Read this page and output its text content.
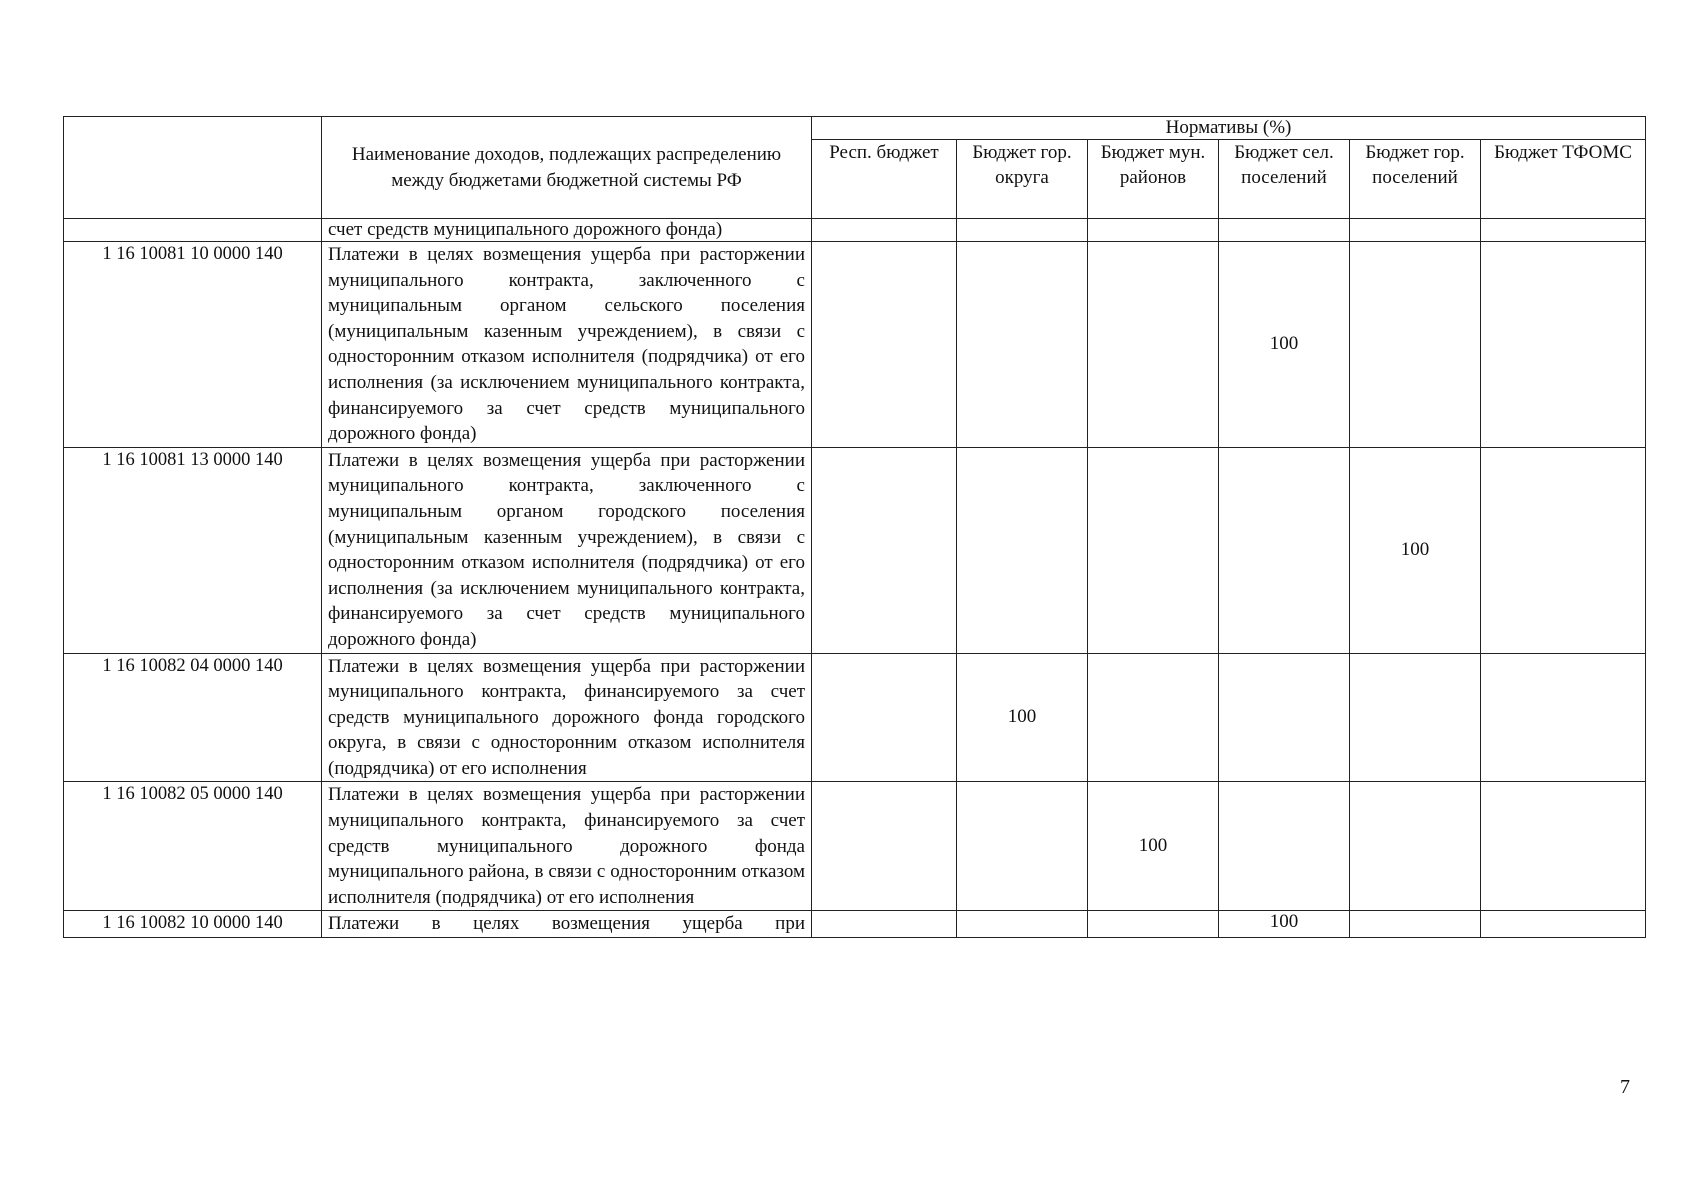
	Наименование доходов, подлежащих распределению между бюджетами бюджетной системы РФ	Нормативы (%)					
		Респ. бюджет	Бюджет гор. округа	Бюджет мун. районов	Бюджет сел. поселений	Бюджет гор. поселений	Бюджет ТФОМС
	счет средств муниципального дорожного фонда)						
1 16 10081 10 0000 140	Платежи в целях возмещения ущерба при расторжении муниципального контракта, заключенного с муниципальным органом сельского поселения (муниципальным казенным учреждением), в связи с односторонним отказом исполнителя (подрядчика) от его исполнения (за исключением муниципального контракта, финансируемого за счет средств муниципального дорожного фонда)				100		
1 16 10081 13 0000 140	Платежи в целях возмещения ущерба при расторжении муниципального контракта, заключенного с муниципальным органом городского поселения (муниципальным казенным учреждением), в связи с односторонним отказом исполнителя (подрядчика) от его исполнения (за исключением муниципального контракта, финансируемого за счет средств муниципального дорожного фонда)					100	
1 16 10082 04 0000 140	Платежи в целях возмещения ущерба при расторжении муниципального контракта, финансируемого за счет средств муниципального дорожного фонда городского округа, в связи с односторонним отказом исполнителя (подрядчика) от его исполнения		100				
1 16 10082 05 0000 140	Платежи в целях возмещения ущерба при расторжении муниципального контракта, финансируемого за счет средств муниципального дорожного фонда муниципального района, в связи с односторонним отказом исполнителя (подрядчика) от его исполнения			100			
1 16 10082 10 0000 140	Платежи в целях возмещения ущерба при				100		
7
